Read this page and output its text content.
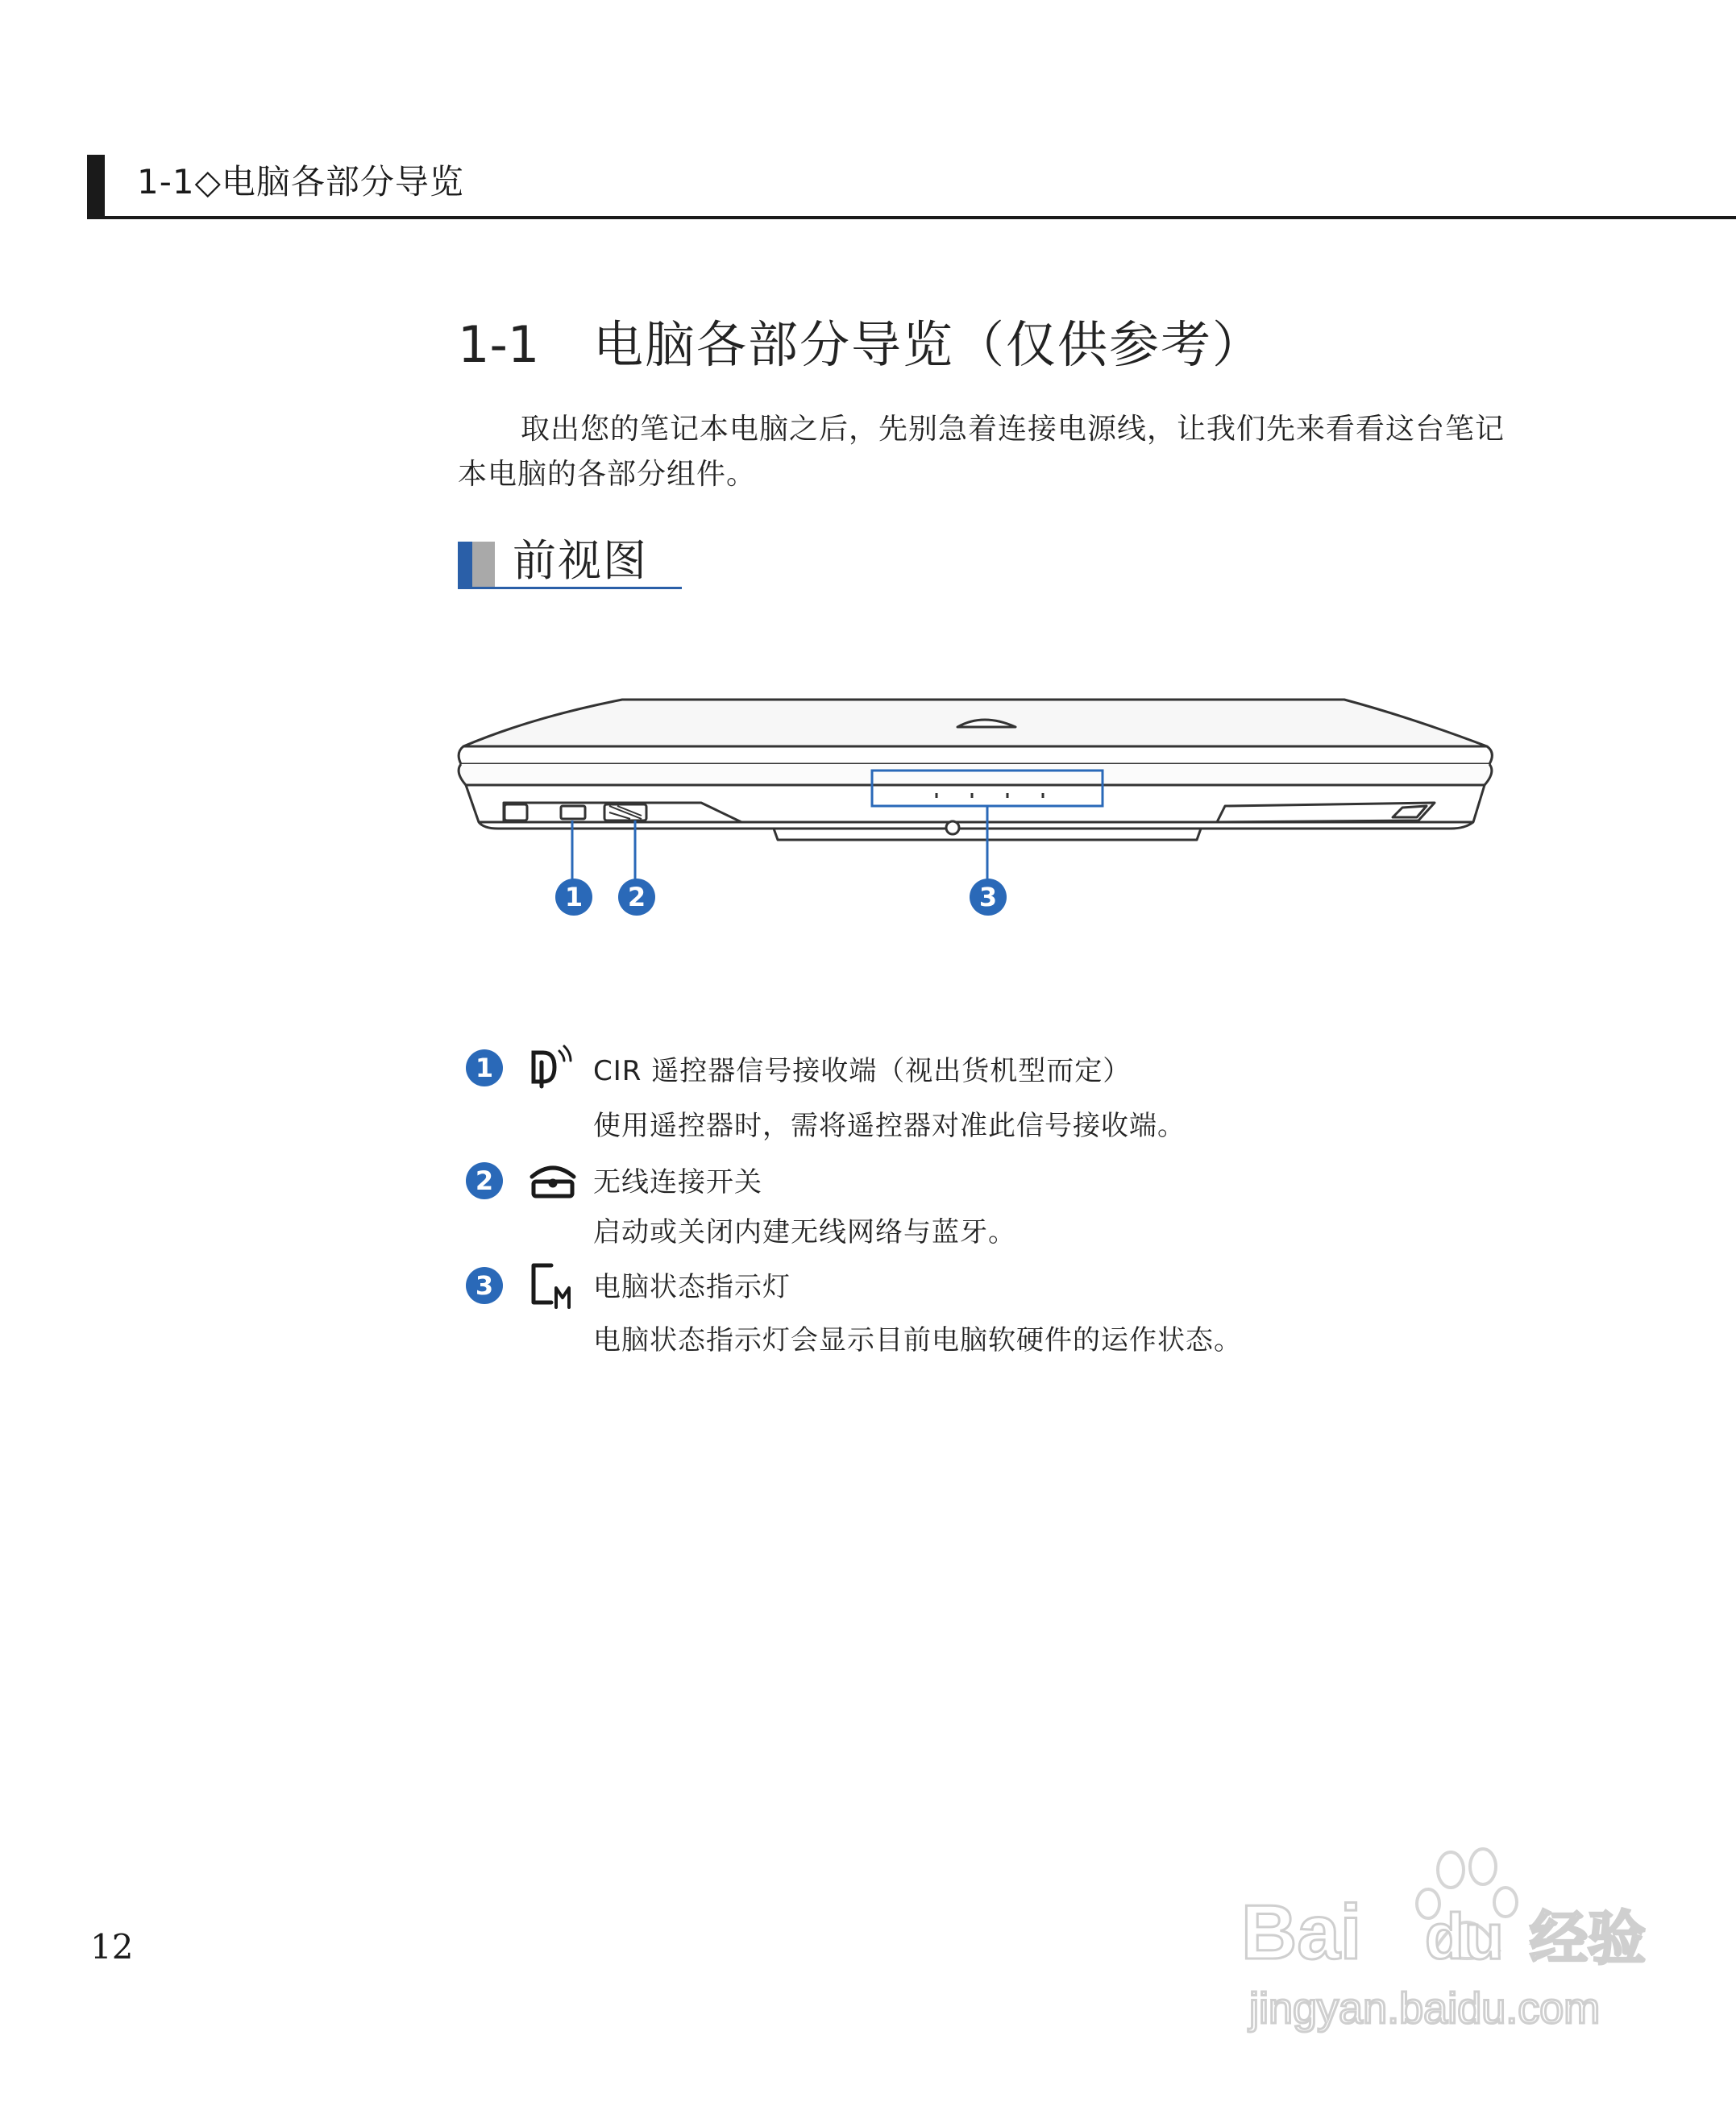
1-1◇电脑各部分导览
1-1 电脑各部分导览（仅供参考）
取出您的笔记本电脑之后，先别急着连接电源线，让我们先来看看这台笔记本电脑的各部分组件。
前视图
1	2	3
1	CIR 遥控器信号接收端（视出货机型而定）
使用遥控器时，需将遥控器对准此信号接收端。
2	无线连接开关
启动或关闭内建无线网络与蓝牙。
3	电脑状态指示灯
电脑状态指示灯会显示目前电脑软硬件的运作状态。
12	Bai du 经验
jingyan.baidu.com
